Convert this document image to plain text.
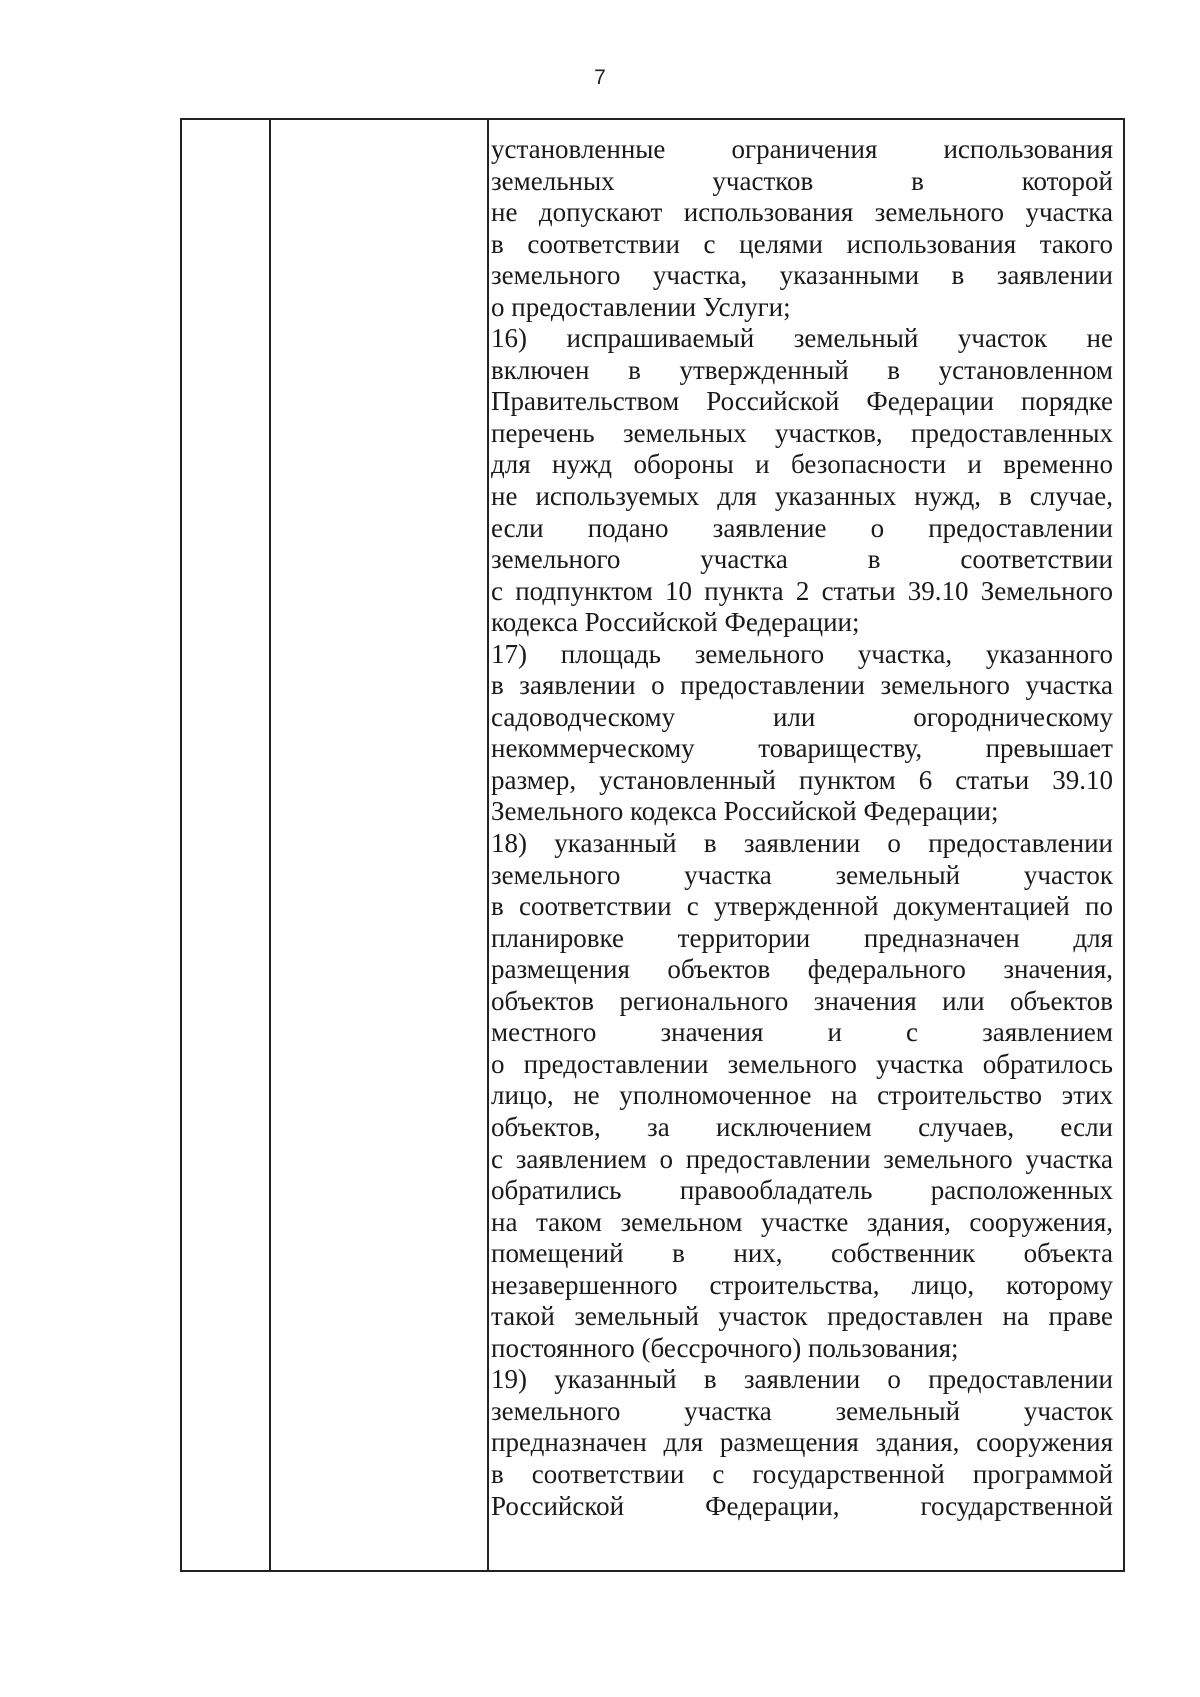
7
установленные ограничения использования
земельных участков в которой
не допускают использования земельного участка
в соответствии с целями использования такого
земельного участка, указанными в заявлении
о предоставлении Услуги;
16) испрашиваемый земельный участок не
включен в утвержденный в установленном
Правительством Российской Федерации порядке
перечень земельных участков, предоставленных
для нужд обороны и безопасности и временно
не используемых для указанных нужд, в случае,
если подано заявление о предоставлении
земельного участка в соответствии
с подпунктом 10 пункта 2 статьи 39.10 Земельного
кодекса Российской Федерации;
17) площадь земельного участка, указанного
в заявлении о предоставлении земельного участка
садоводческому или огородническому
некоммерческому товариществу, превышает
размер, установленный пунктом 6 статьи 39.10
Земельного кодекса Российской Федерации;
18) указанный в заявлении о предоставлении
земельного участка земельный участок
в соответствии с утвержденной документацией по
планировке территории предназначен для
размещения объектов федерального значения,
объектов регионального значения или объектов
местного значения и с заявлением
о предоставлении земельного участка обратилось
лицо, не уполномоченное на строительство этих
объектов, за исключением случаев, если
с заявлением о предоставлении земельного участка
обратились правообладатель расположенных
на таком земельном участке здания, сооружения,
помещений в них, собственник объекта
незавершенного строительства, лицо, которому
такой земельный участок предоставлен на праве
постоянного (бессрочного) пользования;
19) указанный в заявлении о предоставлении
земельного участка земельный участок
предназначен для размещения здания, сооружения
в соответствии с государственной программой
Российской Федерации, государственной
